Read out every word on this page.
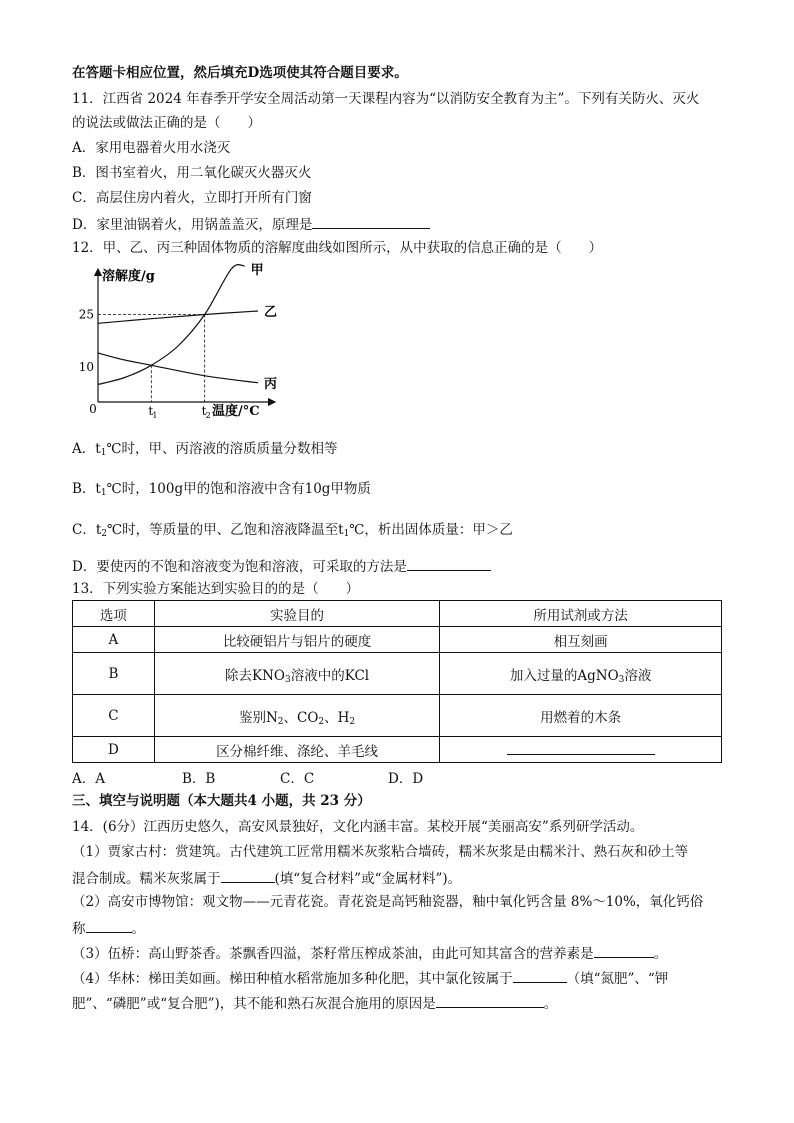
在答题卡相应位置，然后填充D选项使其符合题目要求。
11．江西省 2024 年春季开学安全周活动第一天课程内容为“以消防安全教育为主”。下列有关防火、灭火
的说法或做法正确的是（　　）
A．家用电器着火用水浇灭
B．图书室着火，用二氧化碳灭火器灭火
C．高层住房内着火，立即打开所有门窗
D．家里油锅着火，用锅盖盖灭，原理是
12．甲、乙、丙三种固体物质的溶解度曲线如图所示，从中获取的信息正确的是（　　）
溶解度/g
温度/°C
0
10
25
t 1	t 2
甲
乙
丙
A．$t_1℃$时，甲、丙溶液的溶质质量分数相等
B．$t_1℃$时，100g甲的饱和溶液中含有10g甲物质
C．$t_2℃$时，等质量的甲、乙饱和溶液降温至$t_1℃$，析出固体质量：甲＞乙
D．要使丙的不饱和溶液变为饱和溶液，可采取的方法是
13．下列实验方案能达到实验目的的是（　　）
选项	实验目的	所用试剂或方法
A	比较硬铝片与铝片的硬度	相互刻画
B	除去$KNO_3$溶液中的KCl	加入过量的AgNO$_3$溶液
C	鉴别$N_2$、$CO_2$、$H_2$	用燃着的木条
D	区分棉纤维、涤纶、羊毛线	
A．A	B．B	C．C	D．D
三、填空与说明题（本大题共4 小题，共 23 分）
14．(6分）江西历史悠久，高安风景独好，文化内涵丰富。某校开展“美丽高安”系列研学活动。
（1）贾家古村：赏建筑。古代建筑工匠常用糯米灰浆粘合墙砖，糯米灰浆是由糯米汁、熟石灰和砂土等
混合制成。糯米灰浆属于	(填“复合材料”或“金属材料”)。
（2）高安市博物馆：观文物——元青花瓷。青花瓷是高钙釉瓷器，釉中氧化钙含量 8%～10%，氧化钙俗
称	。
（3）伍桥：高山野茶香。茶飘香四溢，茶籽常压榨成茶油，由此可知其富含的营养素是	。
（4）华林：梯田美如画。梯田种植水稻常施加多种化肥，其中氯化铵属于	（填“氮肥”、“钾
肥”、“磷肥”或“复合肥”)，其不能和熟石灰混合施用的原因是	。
